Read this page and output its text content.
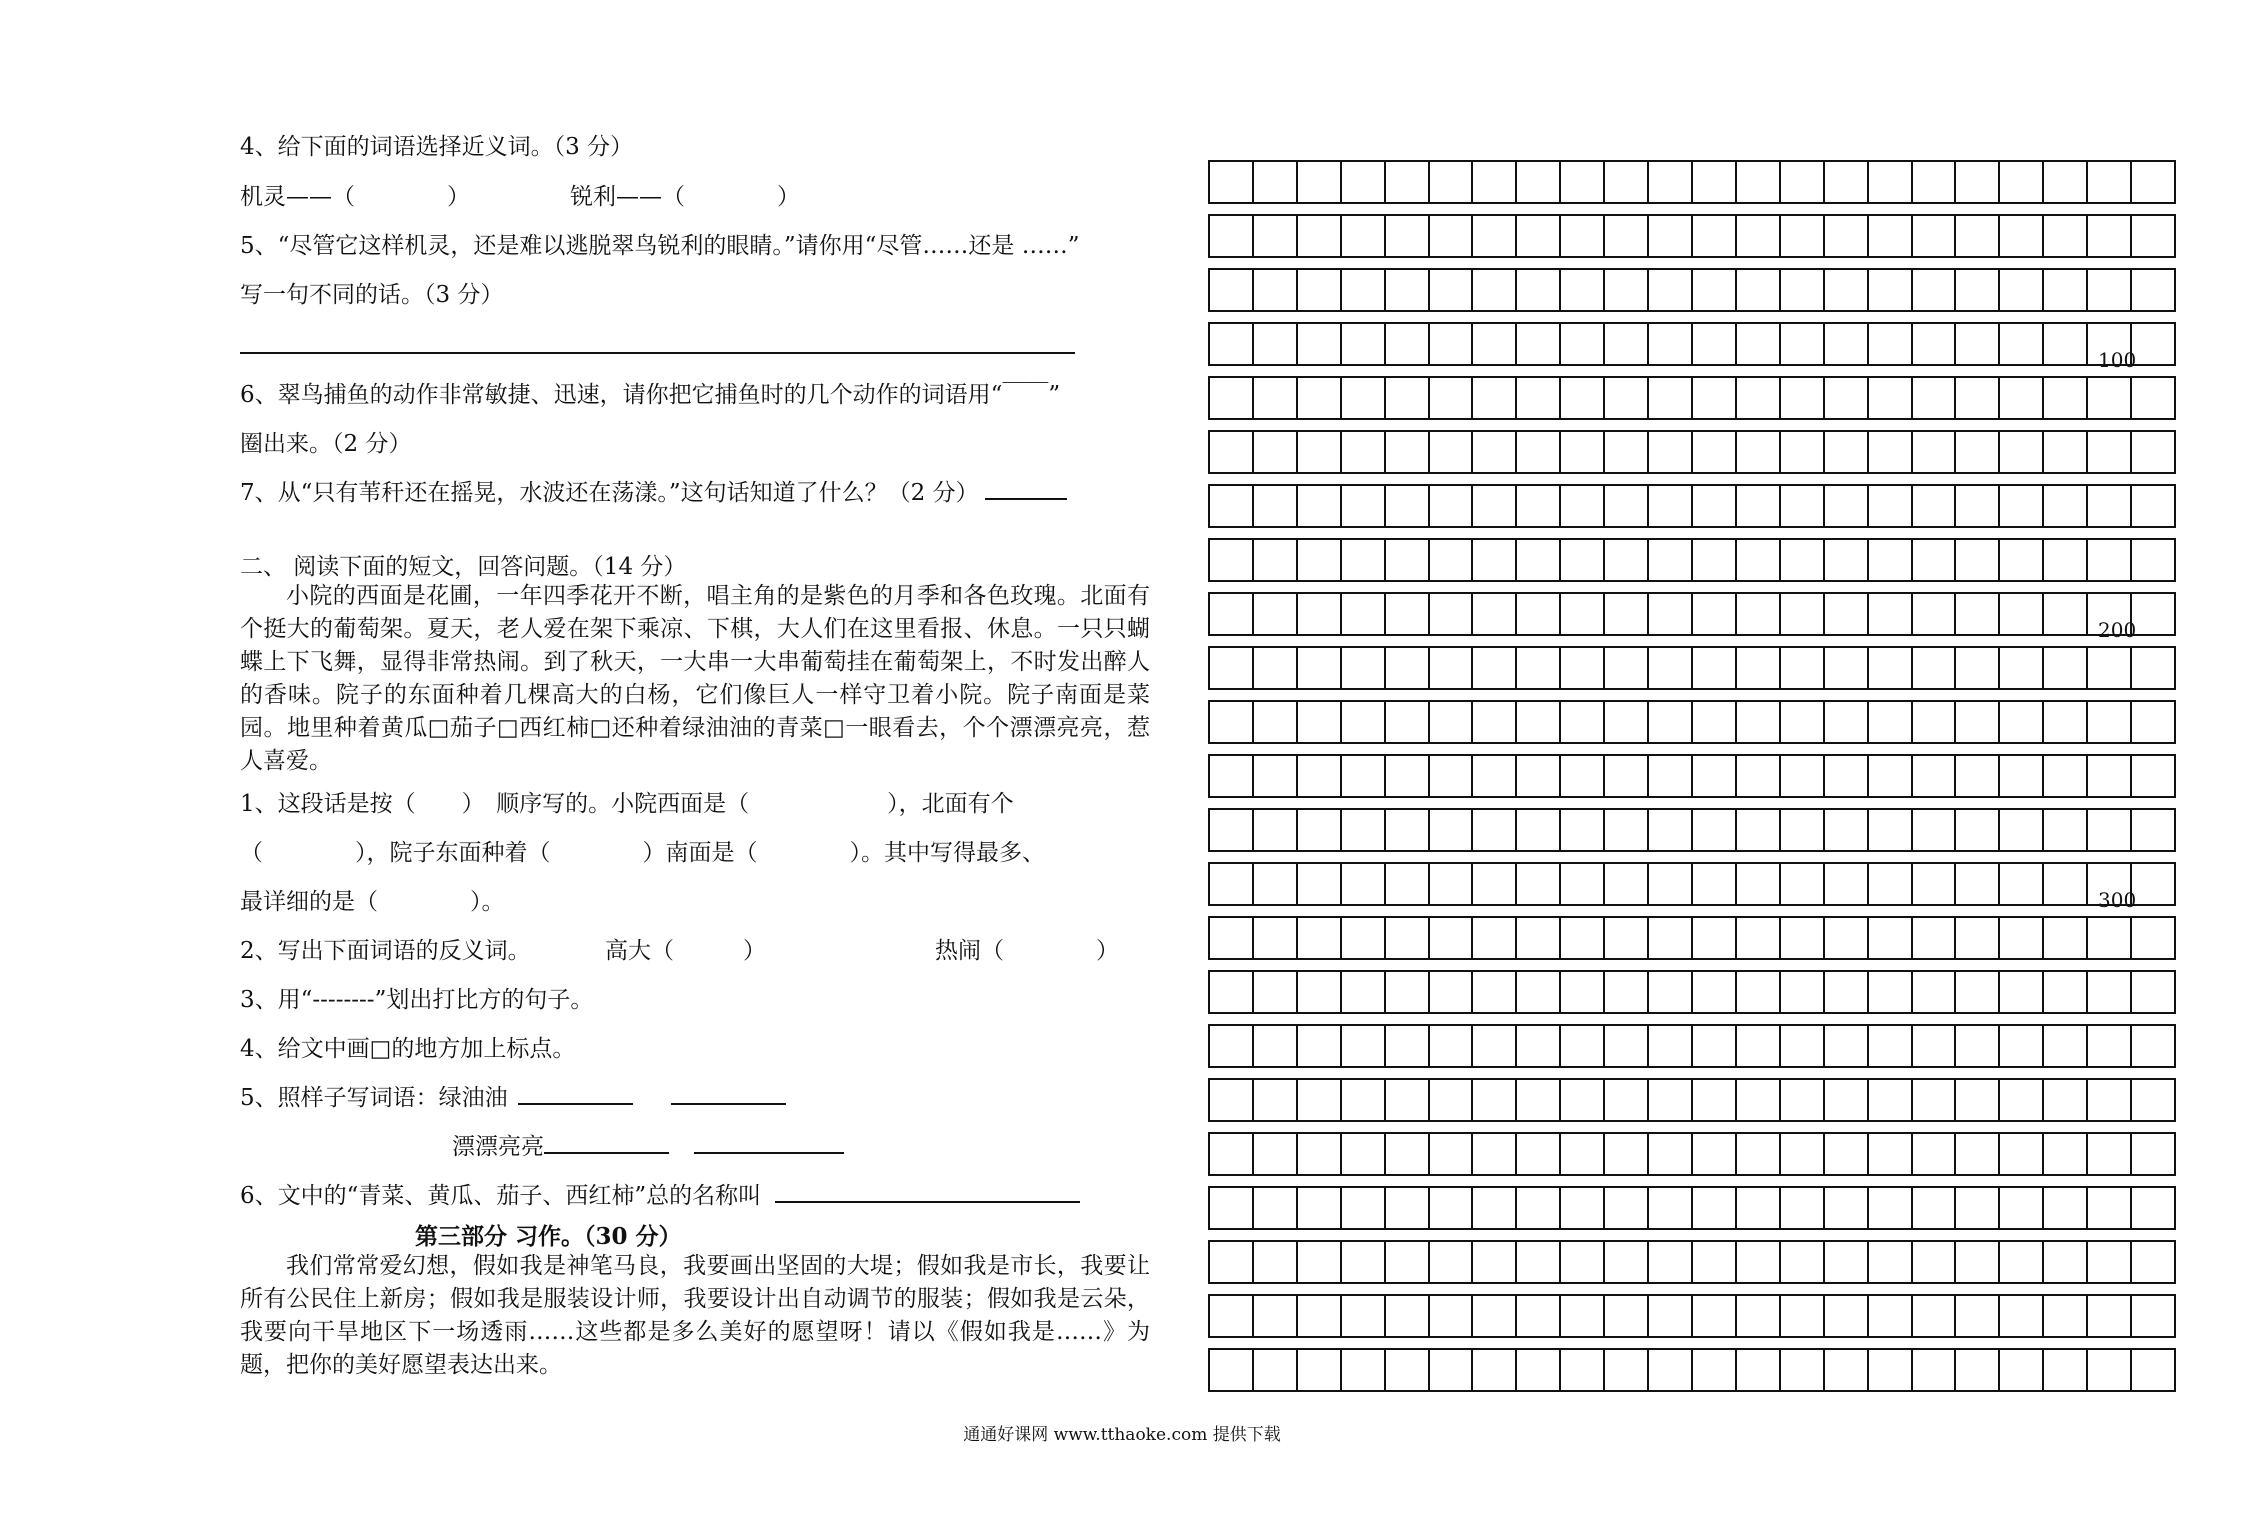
4、给下面的词语选择近义词。（3 分）
机灵——（　　　　）	锐利——（　　　　）
5、“尽管它这样机灵，还是难以逃脱翠鸟锐利的眼睛。”请你用“尽管……还是 ……”
写一句不同的话。（3 分）
6、翠鸟捕鱼的动作非常敏捷、迅速，请你把它捕鱼时的几个动作的词语用“￣￣”
圈出来。（2 分）
7、从“只有苇秆还在摇晃，水波还在荡漾。”这句话知道了什么？（2 分）
二、 阅读下面的短文，回答问题。（14 分）
小院的西面是花圃，一年四季花开不断，唱主角的是紫色的月季和各色玫瑰。北面有个挺大的葡萄架。夏天，老人爱在架下乘凉、下棋，大人们在这里看报、休息。一只只蝴蝶上下飞舞，显得非常热闹。到了秋天，一大串一大串葡萄挂在葡萄架上，不时发出醉人的香味。院子的东面种着几棵高大的白杨，它们像巨人一样守卫着小院。院子南面是菜园。地里种着黄瓜□茄子□西红柿□还种着绿油油的青菜□一眼看去，个个漂漂亮亮，惹人喜爱。
1、这段话是按（　　）　顺序写的。小院西面是（　　　　　　），北面有个
（　　　　），院子东面种着（　　　　）南面是（　　　　）。其中写得最多、
最详细的是（　　　　）。
2、写出下面词语的反义词。	高大（　　　）	热闹（　　　　）
3、用“--------”划出打比方的句子。
4、给文中画□的地方加上标点。
5、照样子写词语：绿油油
漂漂亮亮
6、文中的“青菜、黄瓜、茄子、西红柿”总的名称叫
第三部分 习作。（30 分）
我们常常爱幻想，假如我是神笔马良，我要画出坚固的大堤；假如我是市长，我要让所有公民住上新房；假如我是服装设计师，我要设计出自动调节的服装；假如我是云朵，我要向干旱地区下一场透雨……这些都是多么美好的愿望呀！请以《假如我是……》为题，把你的美好愿望表达出来。
100
200
300
通通好课网 www.tthaoke.com 提供下载
